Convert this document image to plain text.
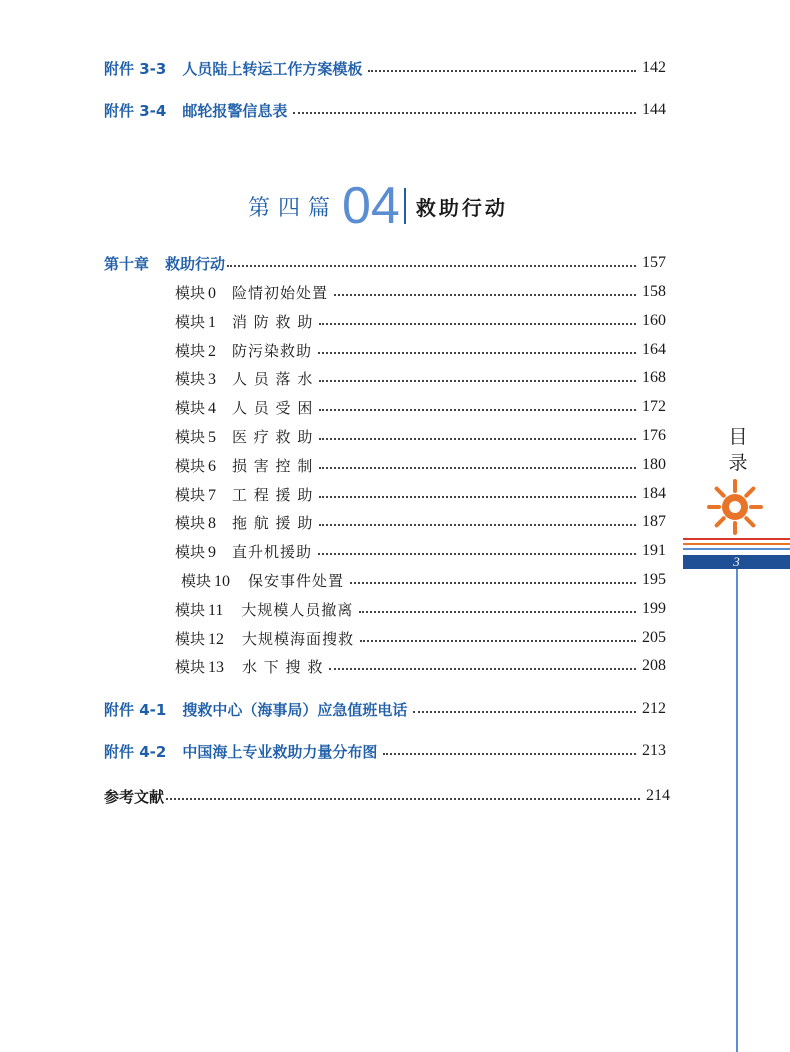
附件 3-3 人员陆上转运工作方案模板	142
附件 3-4 邮轮报警信息表	144
第四篇 04 救助行动
第十章 救助行动	157
模块 0 险情初始处置	158
模块 1 消 防 救 助	160
模块 2 防污染救助	164
模块 3 人 员 落 水	168
模块 4 人 员 受 困	172
模块 5 医 疗 救 助	176
模块 6 损 害 控 制	180
模块 7 工 程 援 助	184
模块 8 拖 航 援 助	187
模块 9 直升机援助	191
模块 10 保安事件处置	195
模块 11 大规模人员撤离	199
模块 12 大规模海面搜救	205
模块 13 水 下 搜 救	208
附件 4-1 搜救中心（海事局）应急值班电话	212
附件 4-2 中国海上专业救助力量分布图	213
参考文献	214
目录
3
